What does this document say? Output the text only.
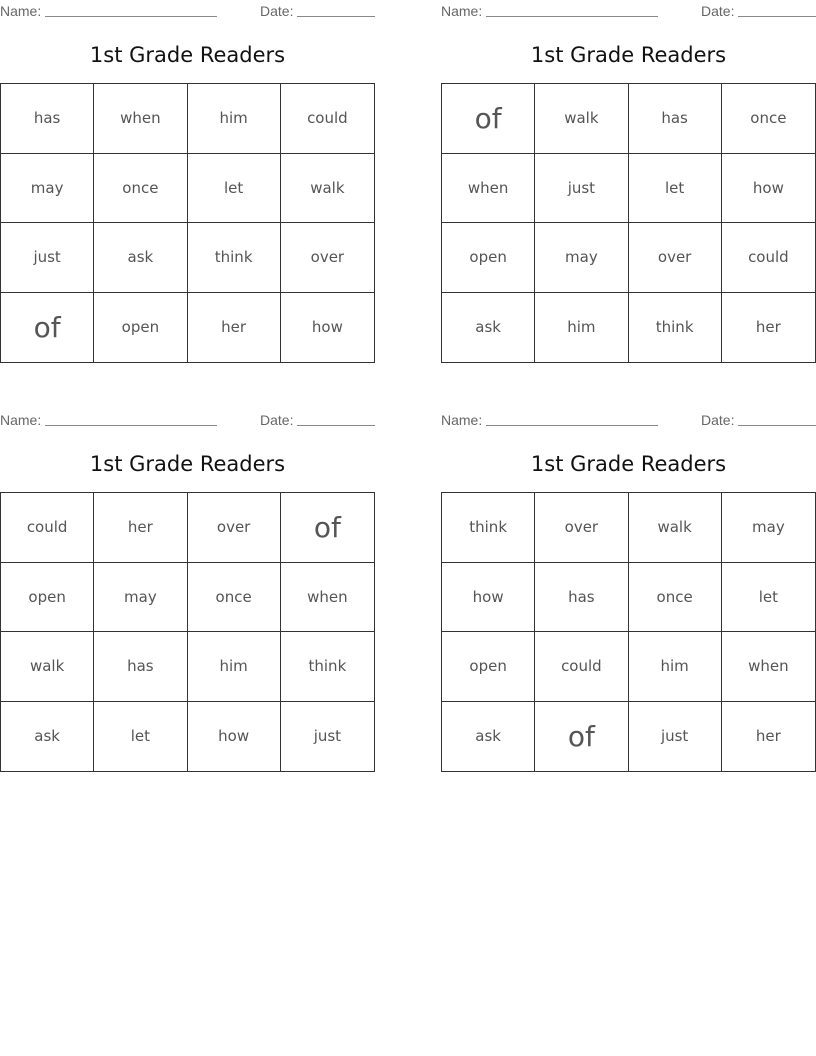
Name:	Date:
1st Grade Readers
has	when	him	could
may	once	let	walk
just	ask	think	over
of	open	her	how
Name:	Date:
1st Grade Readers
of	walk	has	once
when	just	let	how
open	may	over	could
ask	him	think	her
Name:	Date:
1st Grade Readers
could	her	over	of
open	may	once	when
walk	has	him	think
ask	let	how	just
Name:	Date:
1st Grade Readers
think	over	walk	may
how	has	once	let
open	could	him	when
ask	of	just	her
